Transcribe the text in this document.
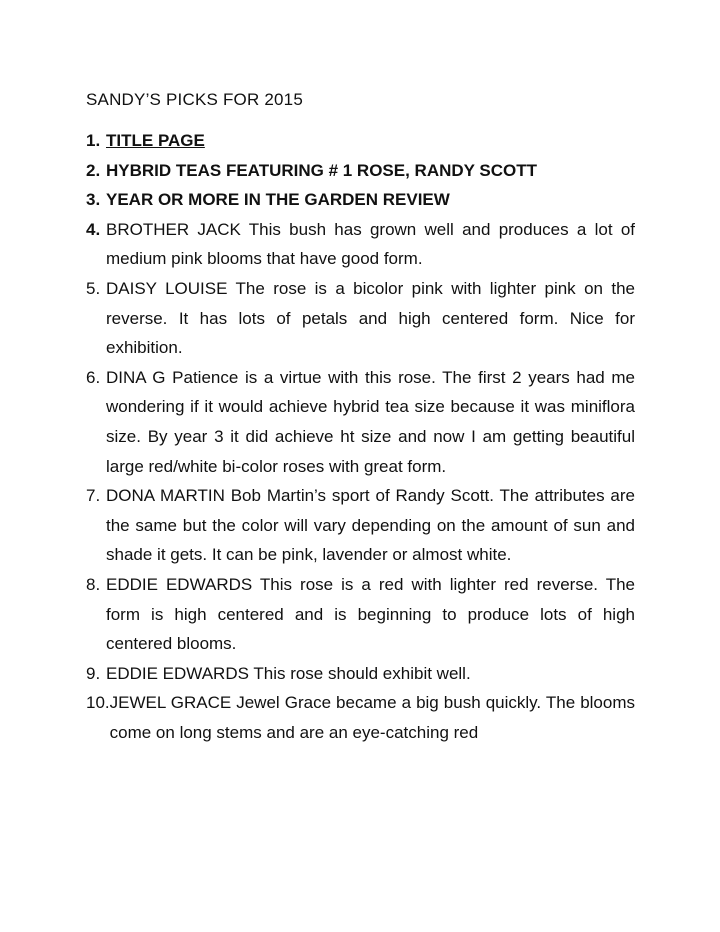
SANDY’S PICKS FOR 2015
1. TITLE PAGE
2. HYBRID TEAS FEATURING # 1 ROSE, RANDY SCOTT
3. YEAR OR MORE IN THE GARDEN REVIEW
4. BROTHER JACK This bush has grown well and produces a lot of medium pink blooms that have good form.
5. DAISY LOUISE The rose is a bicolor pink with lighter pink on the reverse. It has lots of petals and high centered form. Nice for exhibition.
6. DINA G Patience is a virtue with this rose. The first 2 years had me wondering if it would achieve hybrid tea size because it was miniflora size. By year 3 it did achieve ht size and now I am getting beautiful large red/white bi-color roses with great form.
7. DONA MARTIN Bob Martin’s sport of Randy Scott. The attributes are the same but the color will vary depending on the amount of sun and shade it gets. It can be pink, lavender or almost white.
8. EDDIE EDWARDS This rose is a red with lighter red reverse. The form is high centered and is beginning to produce lots of high centered blooms.
9. EDDIE EDWARDS This rose should exhibit well.
10. JEWEL GRACE Jewel Grace became a big bush quickly. The blooms come on long stems and are an eye-catching red
